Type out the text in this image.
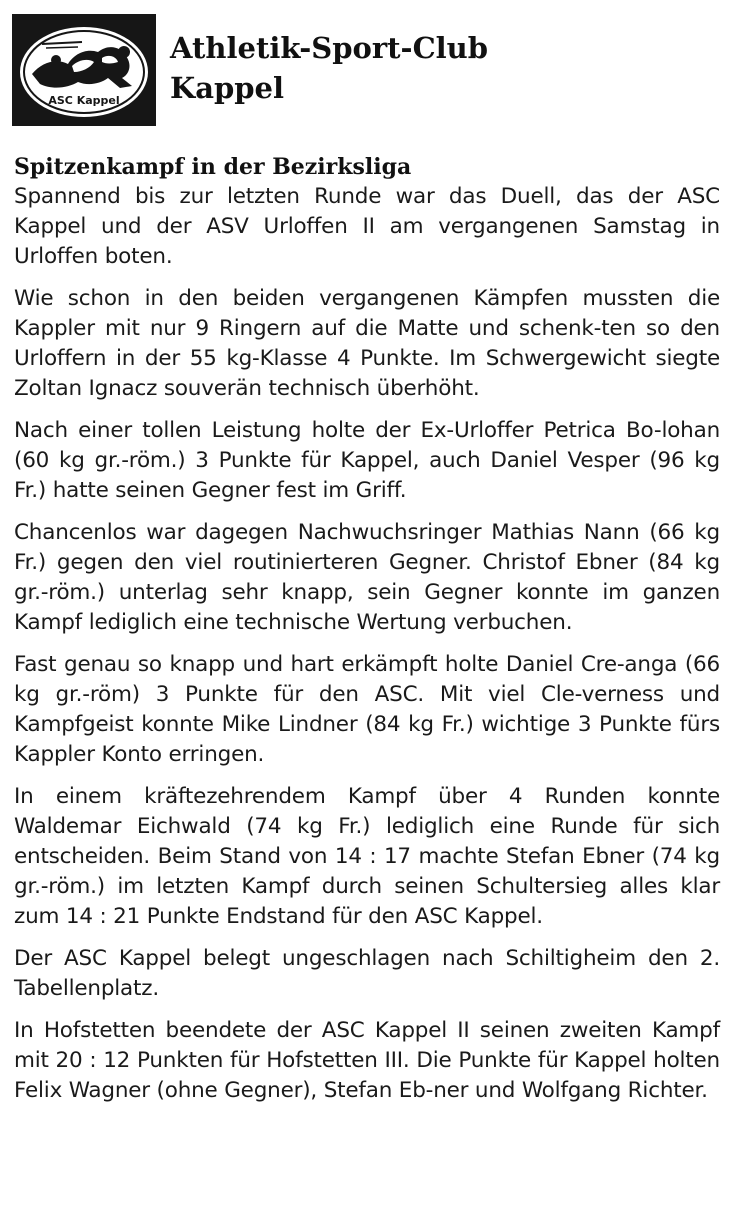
ASC Kappel
Athletik-Sport-Club
Kappel
Spitzenkampf in der Bezirksliga

Spannend bis zur letzten Runde war das Duell, das der ASC Kappel und der ASV Urloffen II am vergangenen Samstag in Urloffen boten.

Wie schon in den beiden vergangenen Kämpfen mussten die Kappler mit nur 9 Ringern auf die Matte und schenk-ten so den Urloffern in der 55 kg-Klasse 4 Punkte. Im Schwergewicht siegte Zoltan Ignacz souverän technisch überhöht.

Nach einer tollen Leistung holte der Ex-Urloffer Petrica Bo-lohan (60 kg gr.-röm.) 3 Punkte für Kappel, auch Daniel Vesper (96 kg Fr.) hatte seinen Gegner fest im Griff.

Chancenlos war dagegen Nachwuchsringer Mathias Nann (66 kg Fr.) gegen den viel routinierteren Gegner. Christof Ebner (84 kg gr.-röm.) unterlag sehr knapp, sein Gegner konnte im ganzen Kampf lediglich eine technische Wertung verbuchen.

Fast genau so knapp und hart erkämpft holte Daniel Cre-anga (66 kg gr.-röm) 3 Punkte für den ASC. Mit viel Cle-verness und Kampfgeist konnte Mike Lindner (84 kg Fr.) wichtige 3 Punkte fürs Kappler Konto erringen.

In einem kräftezehrendem Kampf über 4 Runden konnte Waldemar Eichwald (74 kg Fr.) lediglich eine Runde für sich entscheiden. Beim Stand von 14 : 17 machte Stefan Ebner (74 kg gr.-röm.) im letzten Kampf durch seinen Schultersieg alles klar zum 14 : 21 Punkte Endstand für den ASC Kappel.

Der ASC Kappel belegt ungeschlagen nach Schiltigheim den 2. Tabellenplatz.

In Hofstetten beendete der ASC Kappel II seinen zweiten Kampf mit 20 : 12 Punkten für Hofstetten III. Die Punkte für Kappel holten Felix Wagner (ohne Gegner), Stefan Eb-ner und Wolfgang Richter.
